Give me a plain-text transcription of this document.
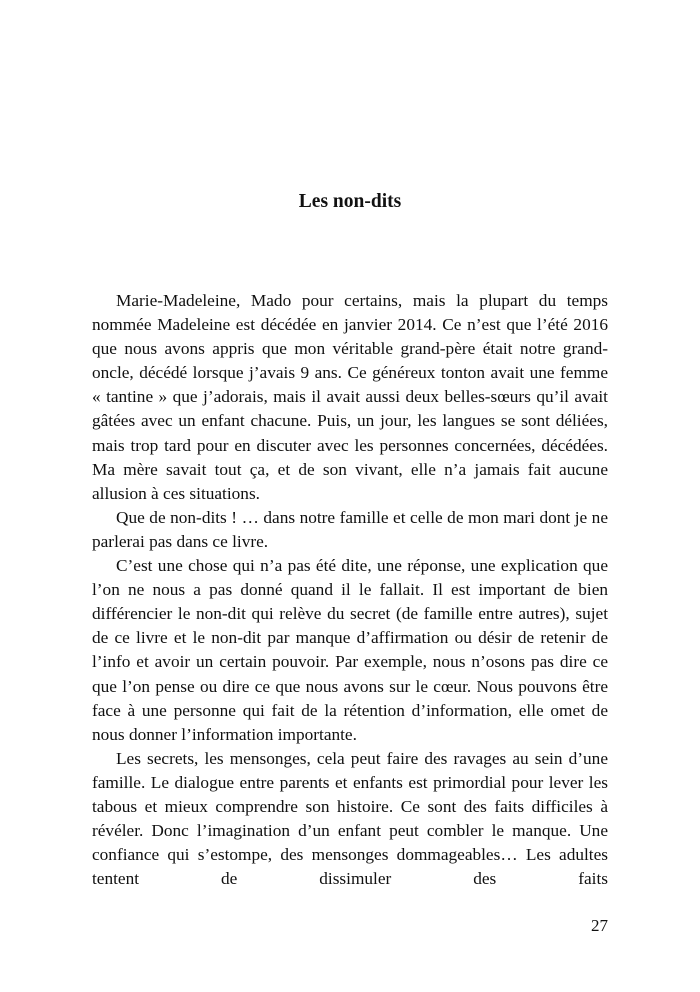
Les non-dits

Marie-Madeleine, Mado pour certains, mais la plupart du temps nommée Madeleine est décédée en janvier 2014. Ce n’est que l’été 2016 que nous avons appris que mon véritable grand-père était notre grand-oncle, décédé lorsque j’avais 9 ans. Ce généreux tonton avait une femme « tantine » que j’adorais, mais il avait aussi deux belles-sœurs qu’il avait gâtées avec un enfant chacune. Puis, un jour, les langues se sont déliées, mais trop tard pour en discuter avec les personnes concernées, décédées. Ma mère savait tout ça, et de son vivant, elle n’a jamais fait aucune allusion à ces situations.

Que de non-dits ! … dans notre famille et celle de mon mari dont je ne parlerai pas dans ce livre.

C’est une chose qui n’a pas été dite, une réponse, une explication que l’on ne nous a pas donné quand il le fallait. Il est important de bien différencier le non-dit qui relève du secret (de famille entre autres), sujet de ce livre et le non-dit par manque d’affirmation ou désir de retenir de l’info et avoir un certain pouvoir. Par exemple, nous n’osons pas dire ce que l’on pense ou dire ce que nous avons sur le cœur. Nous pouvons être face à une personne qui fait de la rétention d’information, elle omet de nous donner l’information importante.

Les secrets, les mensonges, cela peut faire des ravages au sein d’une famille. Le dialogue entre parents et enfants est primordial pour lever les tabous et mieux comprendre son histoire. Ce sont des faits difficiles à révéler. Donc l’imagination d’un enfant peut combler le manque. Une confiance qui s’estompe, des mensonges dommageables… Les adultes tentent de dissimuler des faits

27
